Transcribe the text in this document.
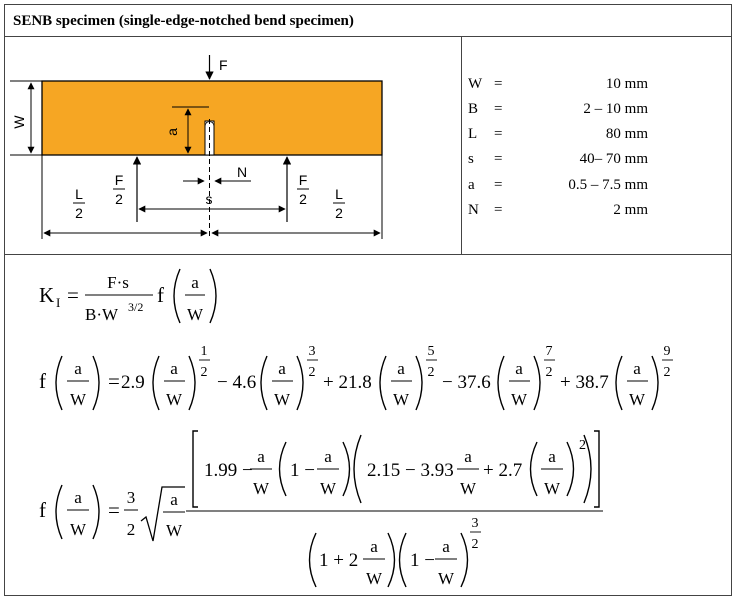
SENB specimen (single-edge-notched bend specimen)
F
W
a
N
F
2
F
2
s
L
2
L
2
W =	10 mm
B =	2 – 10 mm
L =	80 mm
s =	40– 70 mm
a =	0.5 – 7.5 mm
N =	2 mm
K I =
F·s
B·W 3/2 f
a
W
f
a
W
= 2.9
a
W
1
2 − 4.6
a
W
3
2 + 21.8
a
W
5
2 − 37.6
a
W
7
2 + 38.7
a
W
9
2
f
a
W
=
3
2
a
W
1.99 −
a
W
1 −
a
W
2.15 − 3.93
a
W
+ 2.7
a
W
2
1 + 2
a
W
1 −
a
W
3
2
